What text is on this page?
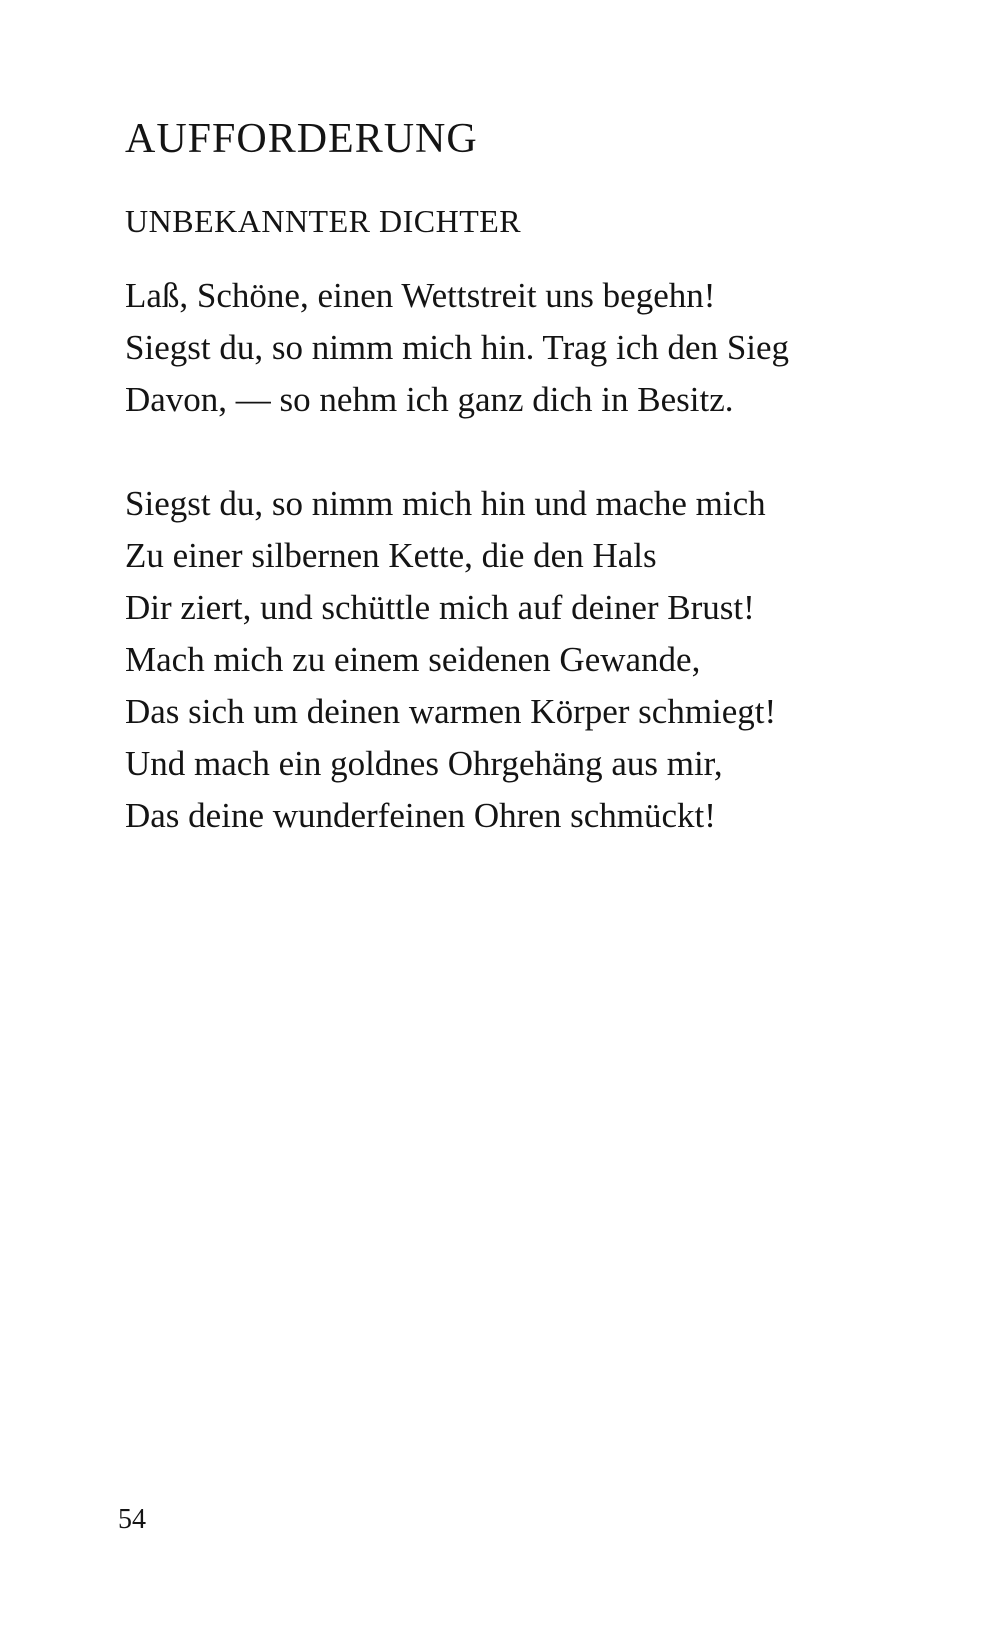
AUFFORDERUNG
UNBEKANNTER DICHTER
Laß, Schöne, einen Wettstreit uns begehn!
Siegst du, so nimm mich hin. Trag ich den Sieg
Davon, — so nehm ich ganz dich in Besitz.
Siegst du, so nimm mich hin und mache mich
Zu einer silbernen Kette, die den Hals
Dir ziert, und schüttle mich auf deiner Brust!
Mach mich zu einem seidenen Gewande,
Das sich um deinen warmen Körper schmiegt!
Und mach ein goldnes Ohrgehäng aus mir,
Das deine wunderfeinen Ohren schmückt!
54
